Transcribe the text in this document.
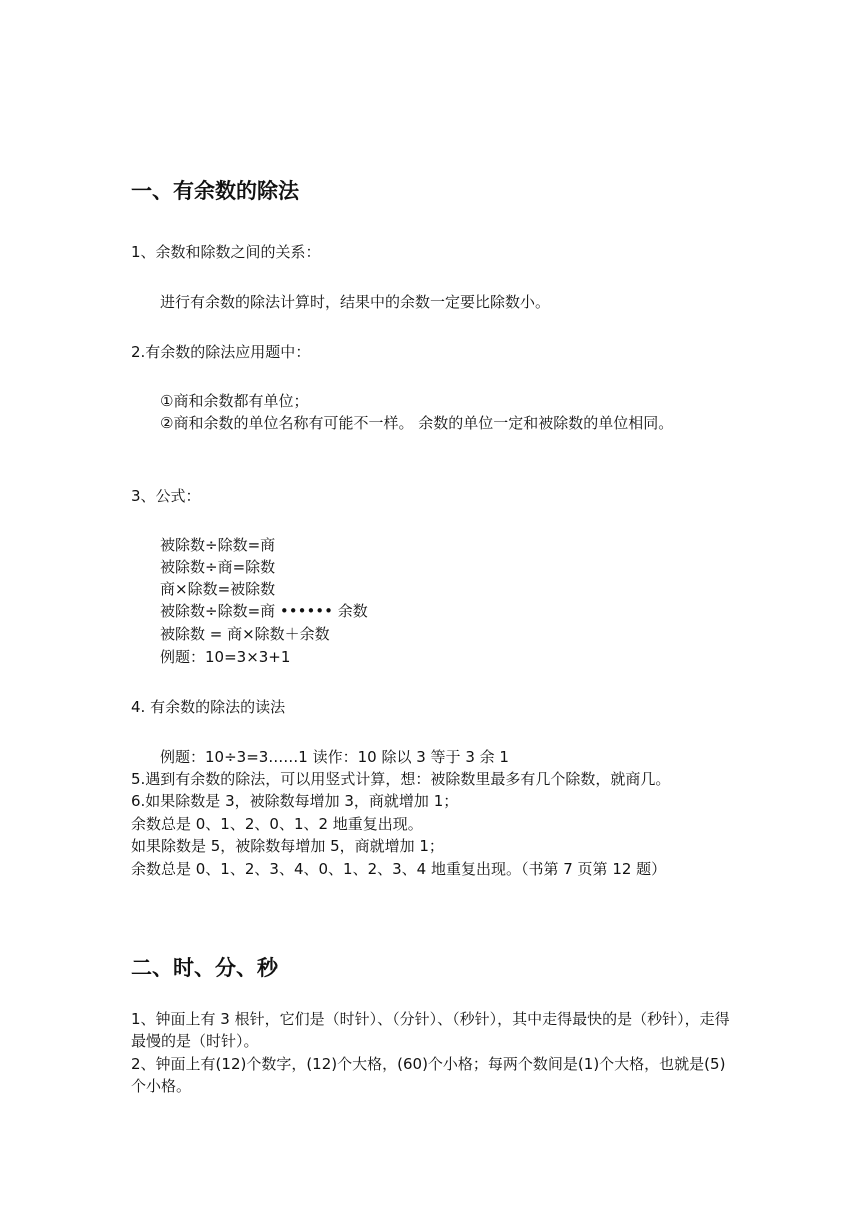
一、有余数的除法
1、余数和除数之间的关系：
进行有余数的除法计算时，结果中的余数一定要比除数小。
2.有余数的除法应用题中：
①商和余数都有单位；
②商和余数的单位名称有可能不一样。 余数的单位一定和被除数的单位相同。
3、公式：
被除数÷除数=商
被除数÷商=除数
商×除数=被除数
被除数÷除数=商 •••••• 余数
被除数 = 商×除数＋余数
例题：10=3×3+1
4. 有余数的除法的读法
例题：10÷3=3……1 读作：10 除以 3 等于 3 余 1
5.遇到有余数的除法，可以用竖式计算，想：被除数里最多有几个除数，就商几。
6.如果除数是 3，被除数每增加 3，商就增加 1；
余数总是 0、1、2、0、1、2 地重复出现。
如果除数是 5，被除数每增加 5，商就增加 1；
余数总是 0、1、2、3、4、0、1、2、3、4 地重复出现。（书第 7 页第 12 题）
二、时、分、秒
1、钟面上有 3 根针，它们是（时针）、（分针）、（秒针），其中走得最快的是（秒针），走得最慢的是（时针）。
2、钟面上有(12)个数字，(12)个大格，(60)个小格；每两个数间是(1)个大格，也就是(5)个小格。
